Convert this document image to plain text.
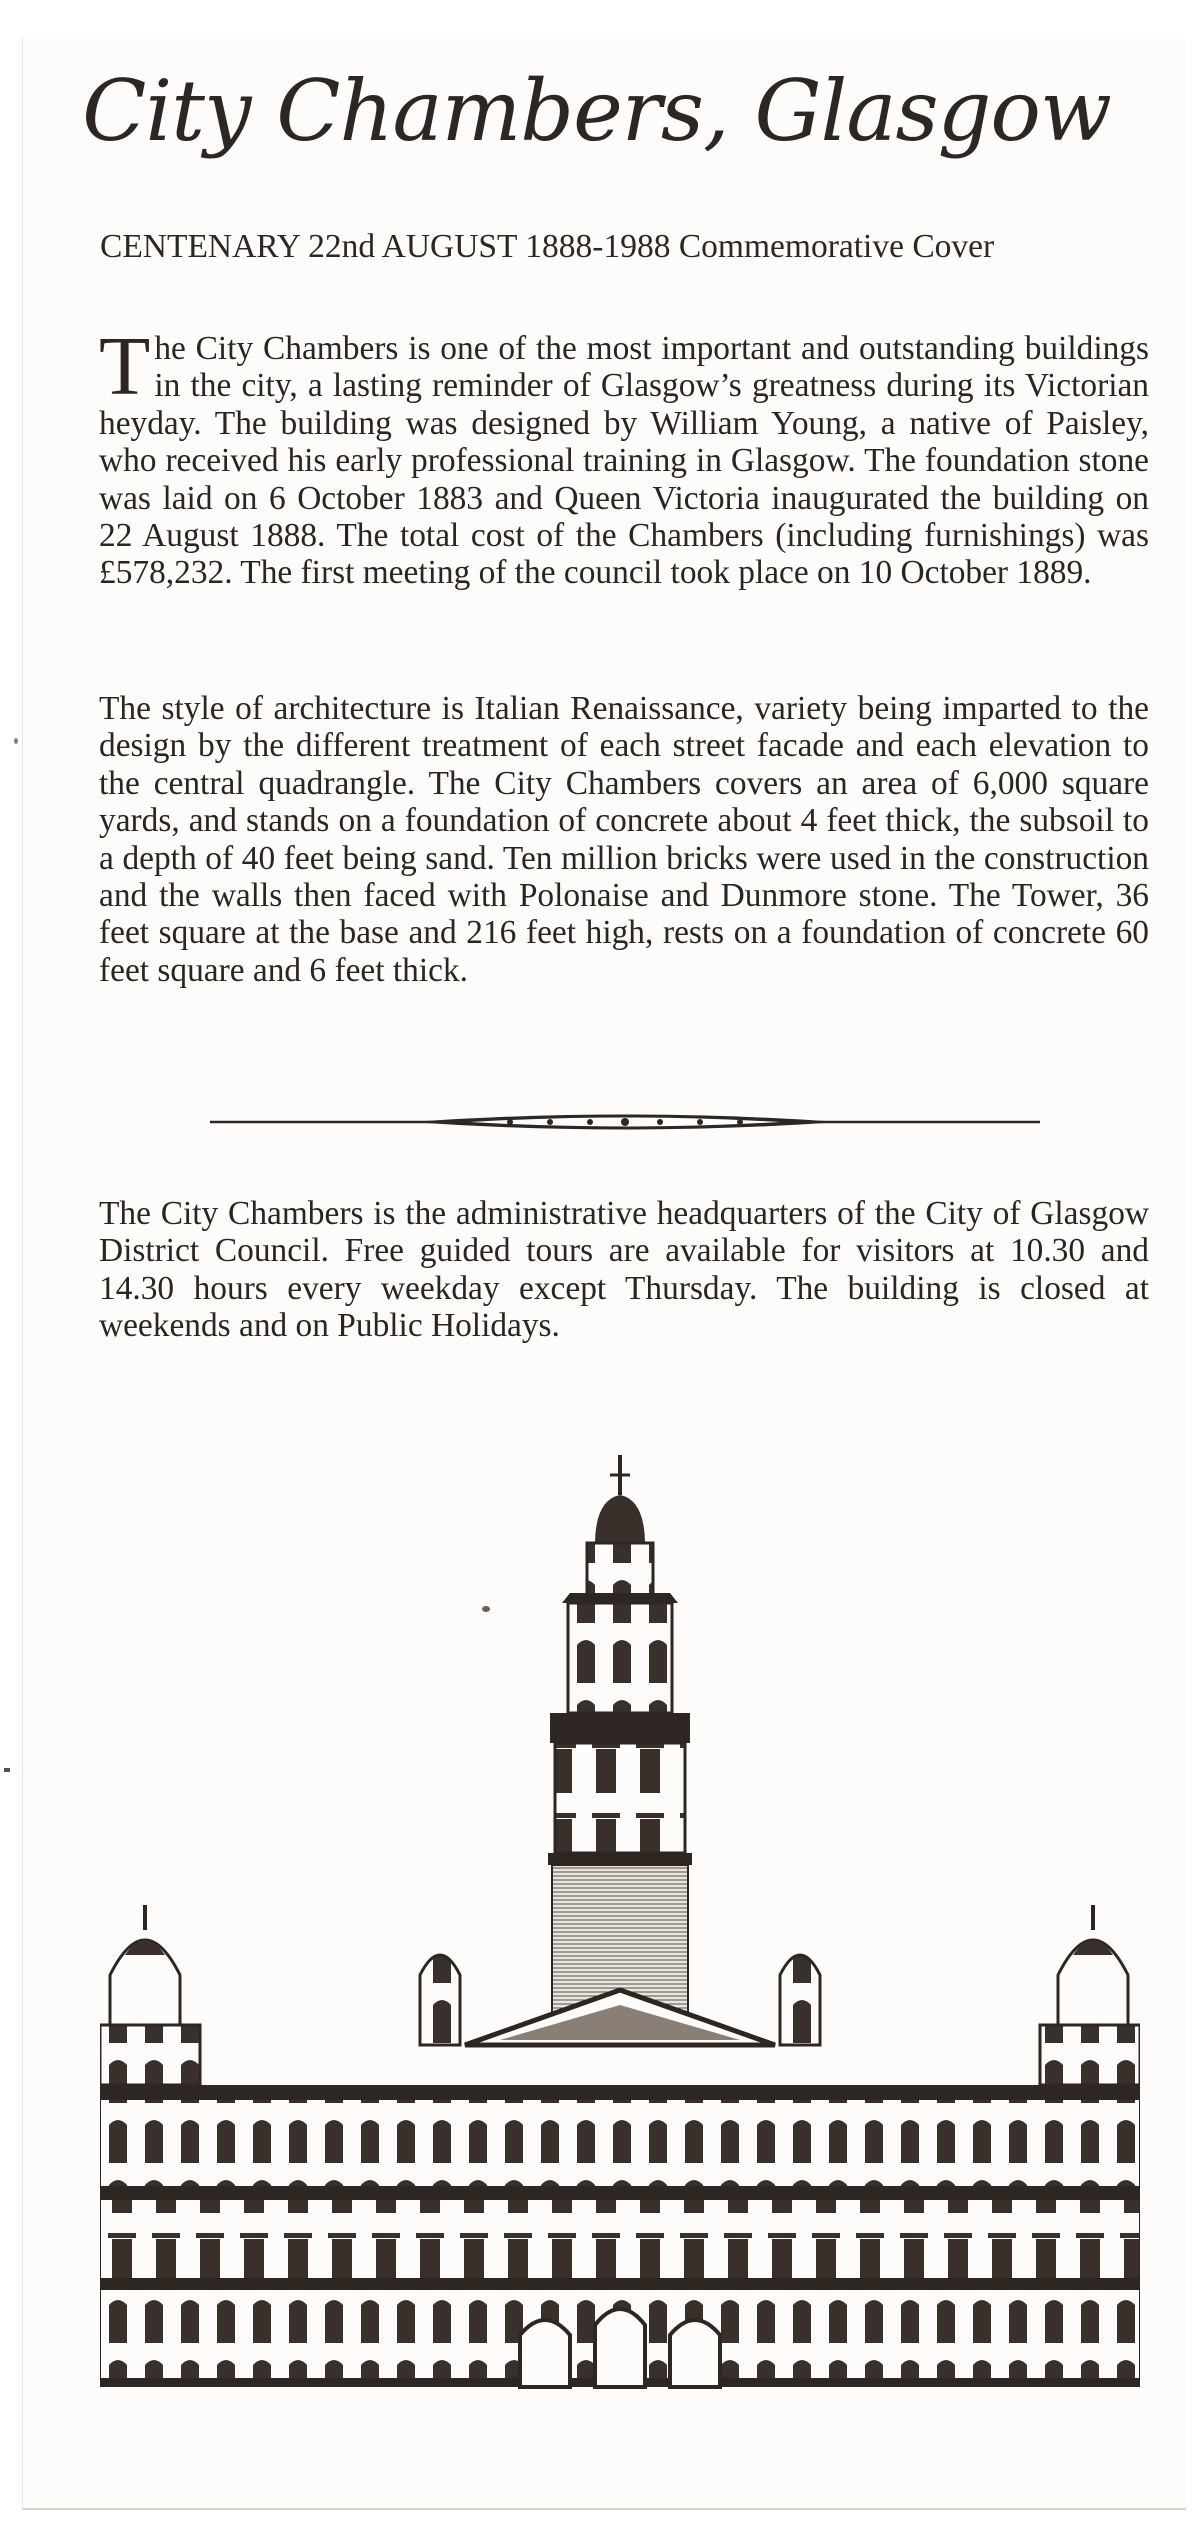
City Chambers, Glasgow
CENTENARY 22nd AUGUST 1888-1988 Commemorative Cover

The City Chambers is one of the most important and outstanding buildings in the city, a lasting reminder of Glasgow’s greatness during its Victorian heyday. The building was designed by William Young, a native of Paisley, who received his early professional training in Glasgow. The foundation stone was laid on 6 October 1883 and Queen Victoria inaugurated the building on 22 August 1888. The total cost of the Chambers (including furnishings) was £578,232. The first meeting of the council took place on 10 October 1889.

The style of architecture is Italian Renaissance, variety being imparted to the design by the different treatment of each street facade and each elevation to the central quadrangle. The City Chambers covers an area of 6,000 square yards, and stands on a foundation of concrete about 4 feet thick, the subsoil to a depth of 40 feet being sand. Ten million bricks were used in the construction and the walls then faced with Polonaise and Dunmore stone. The Tower, 36 feet square at the base and 216 feet high, rests on a foundation of concrete 60 feet square and 6 feet thick.

The City Chambers is the administrative headquarters of the City of Glasgow District Council. Free guided tours are available for visitors at 10.30 and 14.30 hours every weekday except Thursday. The building is closed at weekends and on Public Holidays.
